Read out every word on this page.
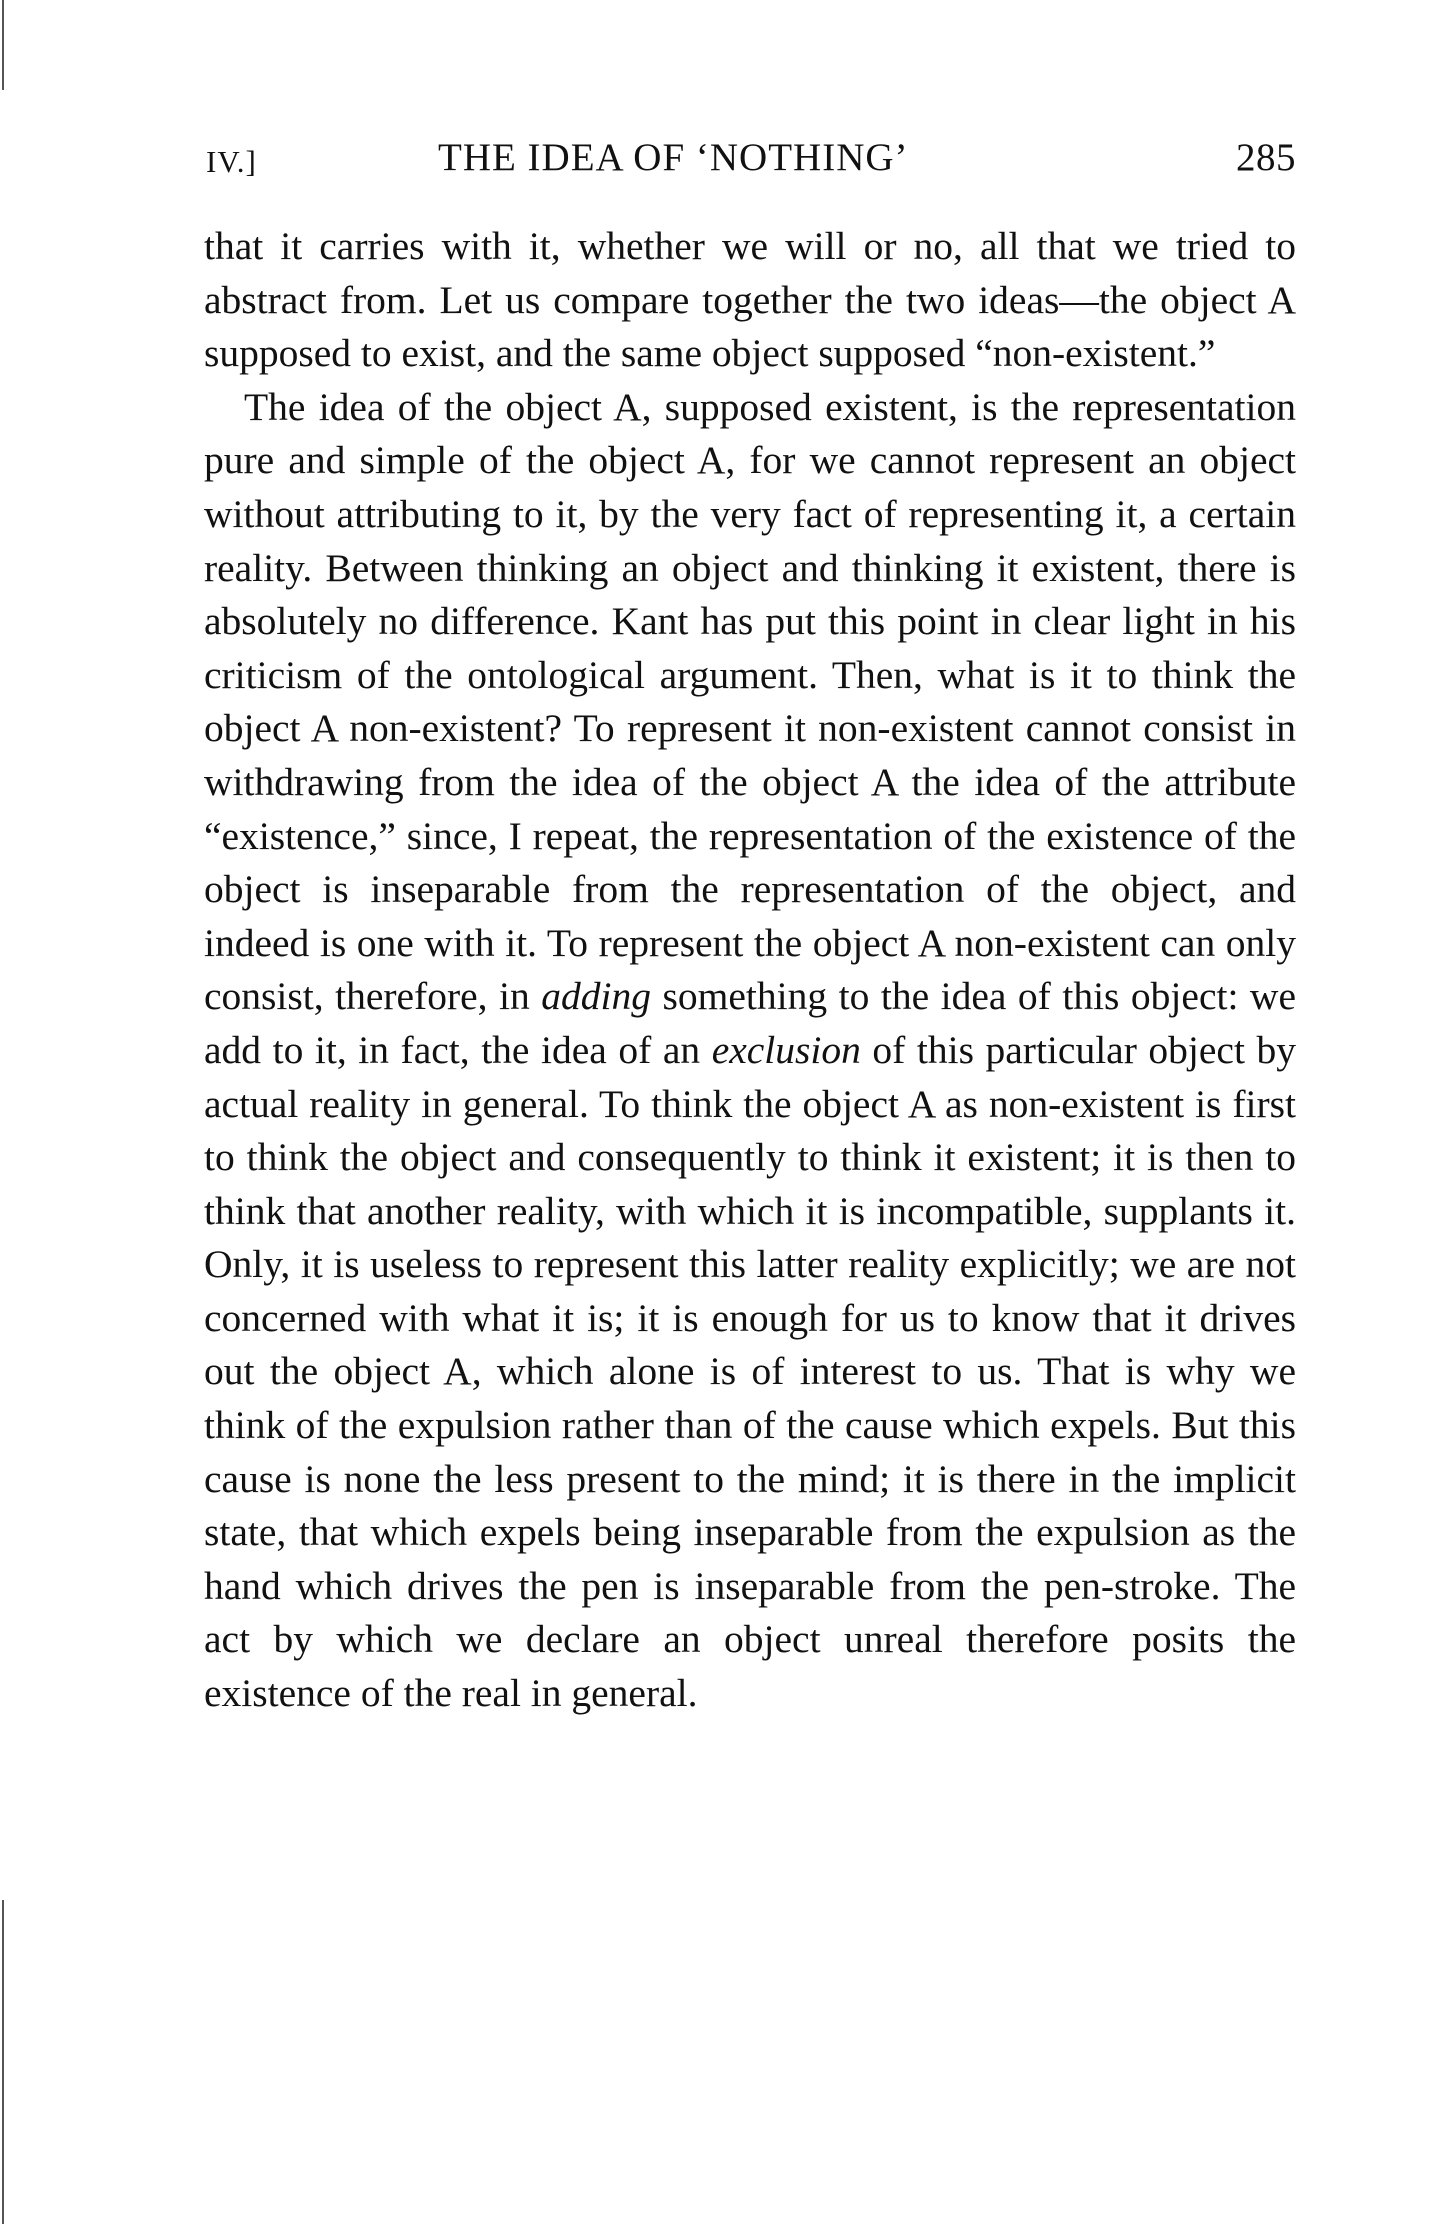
IV.]	THE IDEA OF ‘NOTHING’	285

that it carries with it, whether we will or no, all that we tried to abstract from. Let us compare together the two ideas—the object A supposed to exist, and the same object supposed “non-existent.”

The idea of the object A, supposed existent, is the representation pure and simple of the object A, for we cannot represent an object without attributing to it, by the very fact of representing it, a certain reality. Between thinking an object and thinking it existent, there is absolutely no difference. Kant has put this point in clear light in his criticism of the ontological argument. Then, what is it to think the object A non-existent? To represent it non-existent cannot consist in withdrawing from the idea of the object A the idea of the attribute “existence,” since, I repeat, the representation of the existence of the object is inseparable from the representation of the object, and indeed is one with it. To represent the object A non-existent can only consist, therefore, in adding something to the idea of this object: we add to it, in fact, the idea of an exclusion of this particular object by actual reality in general. To think the object A as non-existent is first to think the object and consequently to think it existent; it is then to think that another reality, with which it is incompatible, supplants it. Only, it is useless to represent this latter reality explicitly; we are not concerned with what it is; it is enough for us to know that it drives out the object A, which alone is of interest to us. That is why we think of the expulsion rather than of the cause which expels. But this cause is none the less present to the mind; it is there in the implicit state, that which expels being inseparable from the expulsion as the hand which drives the pen is inseparable from the pen-stroke. The act by which we declare an object unreal therefore posits the existence of the real in general.
